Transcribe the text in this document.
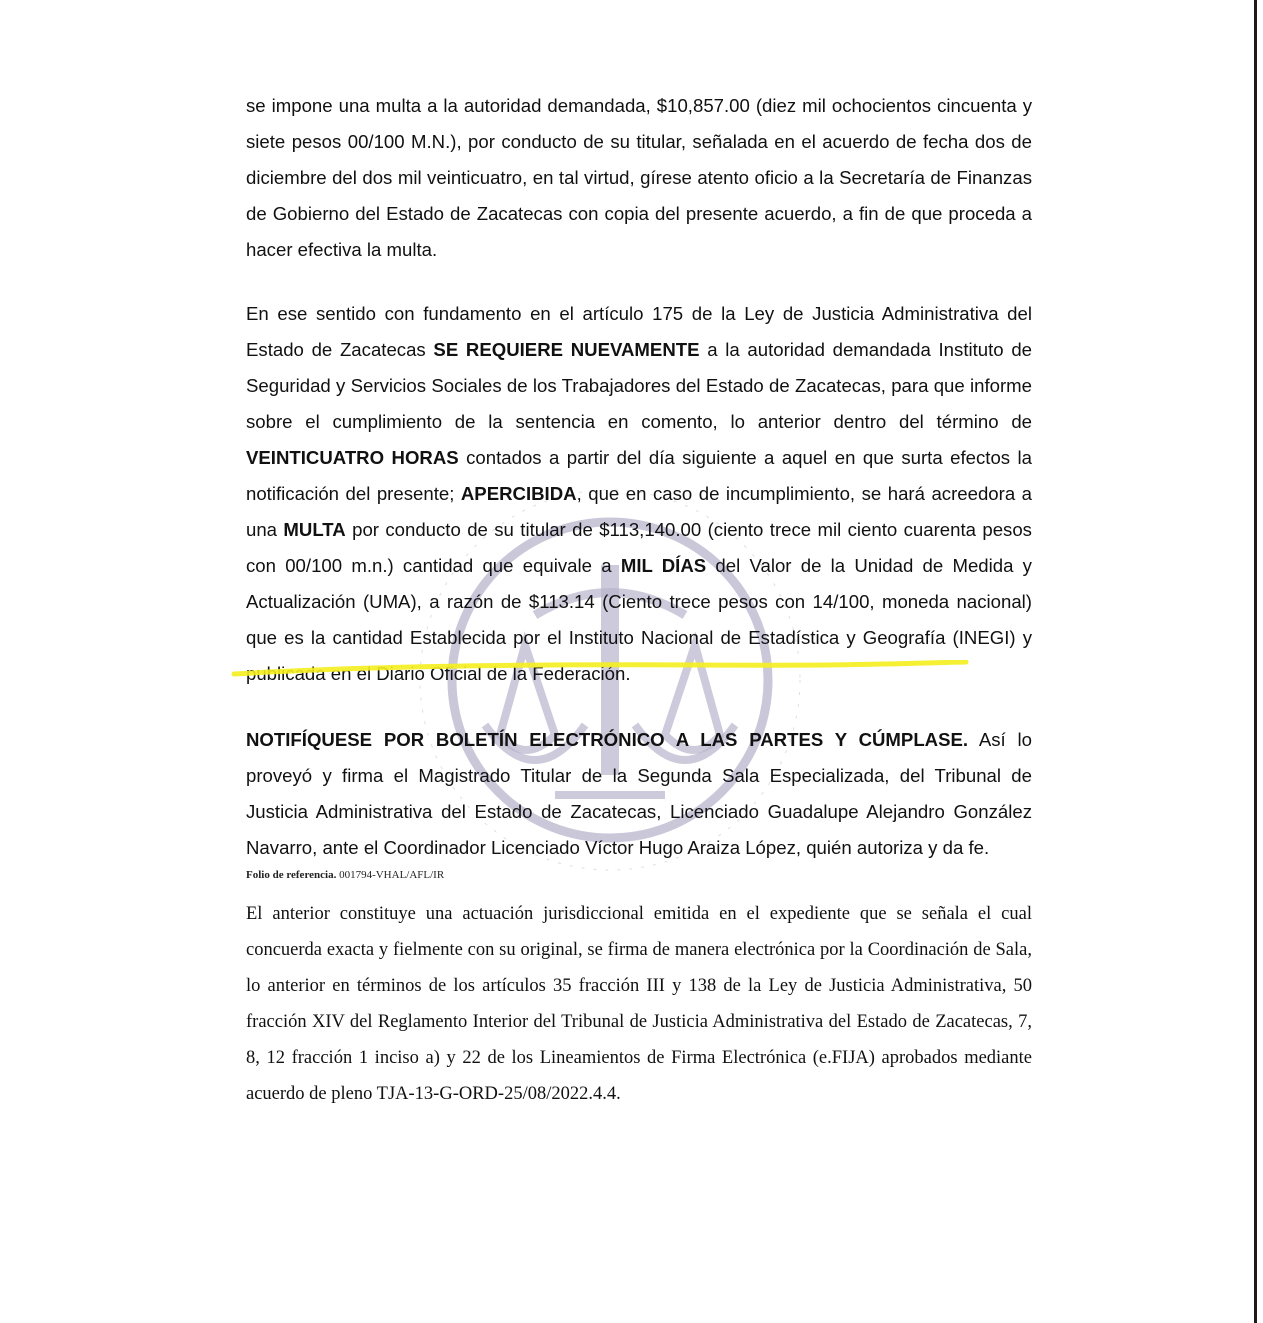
se impone una multa a la autoridad demandada, $10,857.00 (diez mil ochocientos cincuenta y siete pesos 00/100 M.N.), por conducto de su titular, señalada en el acuerdo de fecha dos de diciembre del dos mil veinticuatro, en tal virtud, gírese atento oficio a la Secretaría de Finanzas de Gobierno del Estado de Zacatecas con copia del presente acuerdo, a fin de que proceda a hacer efectiva la multa.

En ese sentido con fundamento en el artículo 175 de la Ley de Justicia Administrativa del Estado de Zacatecas SE REQUIERE NUEVAMENTE a la autoridad demandada Instituto de Seguridad y Servicios Sociales de los Trabajadores del Estado de Zacatecas, para que informe sobre el cumplimiento de la sentencia en comento, lo anterior dentro del término de VEINTICUATRO HORAS contados a partir del día siguiente a aquel en que surta efectos la notificación del presente; APERCIBIDA, que en caso de incumplimiento, se hará acreedora a una MULTA por conducto de su titular de $113,140.00 (ciento trece mil ciento cuarenta pesos con 00/100 m.n.) cantidad que equivale a MIL DÍAS del Valor de la Unidad de Medida y Actualización (UMA), a razón de $113.14 (Ciento trece pesos con 14/100, moneda nacional) que es la cantidad Establecida por el Instituto Nacional de Estadística y Geografía (INEGI) y publicada en el Diario Oficial de la Federación.

NOTIFÍQUESE POR BOLETÍN ELECTRÓNICO A LAS PARTES Y CÚMPLASE. Así lo proveyó y firma el Magistrado Titular de la Segunda Sala Especializada, del Tribunal de Justicia Administrativa del Estado de Zacatecas, Licenciado Guadalupe Alejandro González Navarro, ante el Coordinador Licenciado Víctor Hugo Araiza López, quién autoriza y da fe.

Folio de referencia. 001794-VHAL/AFL/IR

El anterior constituye una actuación jurisdiccional emitida en el expediente que se señala el cual concuerda exacta y fielmente con su original, se firma de manera electrónica por la Coordinación de Sala, lo anterior en términos de los artículos 35 fracción III y 138 de la Ley de Justicia Administrativa, 50 fracción XIV del Reglamento Interior del Tribunal de Justicia Administrativa del Estado de Zacatecas, 7, 8, 12 fracción 1 inciso a) y 22 de los Lineamientos de Firma Electrónica (e.FIJA) aprobados mediante acuerdo de pleno TJA-13-G-ORD-25/08/2022.4.4.
